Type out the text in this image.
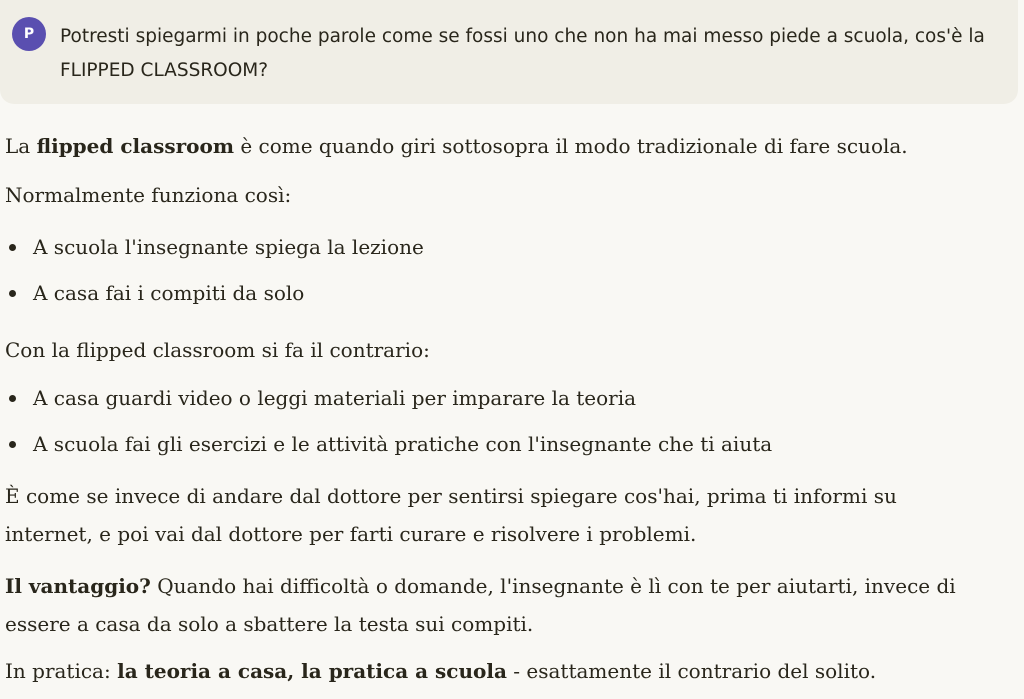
P	Potresti spiegarmi in poche parole come se fossi uno che non ha mai messo piede a scuola, cos'è la FLIPPED CLASSROOM?

La flipped classroom è come quando giri sottosopra il modo tradizionale di fare scuola.

Normalmente funziona così:

A scuola l'insegnante spiega la lezione
A casa fai i compiti da solo

Con la flipped classroom si fa il contrario:

A casa guardi video o leggi materiali per imparare la teoria
A scuola fai gli esercizi e le attività pratiche con l'insegnante che ti aiuta
È come se invece di andare dal dottore per sentirsi spiegare cos'hai, prima ti informi su
internet, e poi vai dal dottore per farti curare e risolvere i problemi.
Il vantaggio? Quando hai difficoltà o domande, l'insegnante è lì con te per aiutarti, invece di
essere a casa da solo a sbattere la testa sui compiti.

In pratica: la teoria a casa, la pratica a scuola - esattamente il contrario del solito.
